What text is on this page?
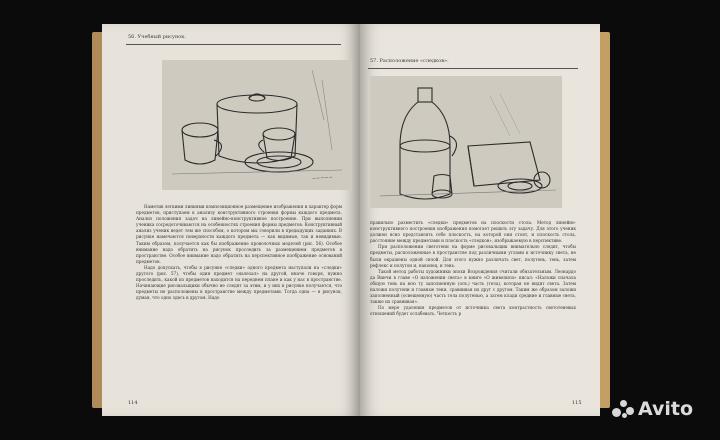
56. Учебный рисунок.
~~~~~

Наметив легкими линиями композиционное размещение изображения и характер форм предметов, приступаем к анализу конструктивного строения формы каждого предмета. Анализ положения задач на линейно-конструктивное построение. При выполнении ученика сосредоточиваются на особенностях строения формы предметов. Конструктивный анализ ученик ведет тем же способом, о котором мы говорили в предыдущих заданиях. В рисунке намечаются поверхности каждого предмета — как видимые, так и невидимые. Таким образом, получается как бы изображение проволочных моделей (рис. 56). Особое внимание надо обратить на рисунок проследить за размещением предметов в пространстве. Особое внимание надо обратить на перспективное изображение оснований предметов.

Надо допускать, чтобы в рисунке «следки» одного предмета наступали на «следки» другого (рис. 57), чтобы один предмет «налезал» на другой, иначе говоря, нужно проследить, какой из предметов находится на переднем плане и как у нас в пространстве. Начинающие рисовальщики обычно не следят за этим, и у них в рисунке получается, что предметы не расположены в пространстве между предметами. Тогда одна — в рисунок, думая, что одно здесь в другом. Надо

114
57. Расположение «следков».

правильно разместить «следки» предметов на плоскости стола. Метод линейно-конструктивного построения изображения помогает решить эту задачу. Для этого ученик должен ясно представлять себе плоскость, на которой они стоят, и плоскость стола, расстояние между предметами и плоскость «следков», изображаемую в перспективе.

При расположении светотени на форме рисовальщик внимательно следит, чтобы предметы, расположенные в пространстве под различными углами к источнику света, не были окрашены одной силой. Для этого нужно различать свет, полутень, тень, затем рефлекс и полутон и, наконец, и тень.

Такой метод работы художники эпохи Возрождения считали обязательным. Леонардо да Винчи в главе «О наложении света» в книге «О живописи» писал: «Наложи сначала общую тень на всю ту заполненную (осв.) часть (тела), которая не видит света. Затем наложи полутени и главные тени, сравнивая их друг с другом. Таким же образом заложи заполненный (освещенную) часть тела полутенью, а затем клади средние и главные света, также их сравнивая».

По мере удаления предметов от источника света контрастность светотеневых отношений будет ослабевать. Четкость р

115	Avito
